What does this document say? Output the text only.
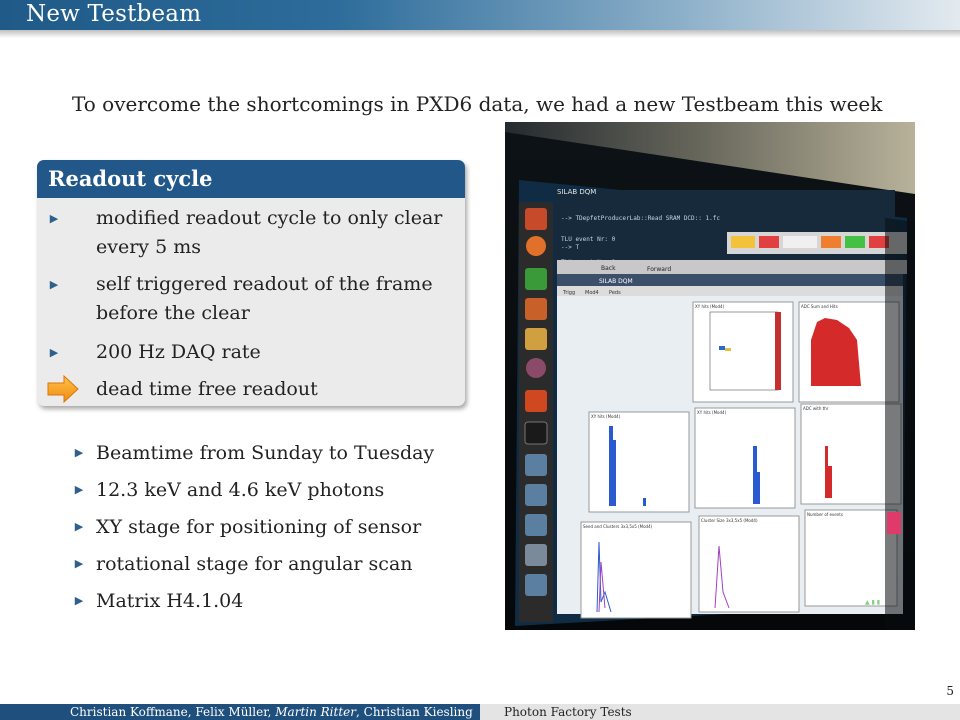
New Testbeam
To overcome the shortcomings in PXD6 data, we had a new Testbeam this week
Readout cycle
▶ modified readout cycle to only clear every 5 ms
▶ self triggered readout of the frame before the clear
▶ 200 Hz DAQ rate
dead time free readout
▶ Beamtime from Sunday to Tuesday
▶ 12.3 keV and 4.6 keV photons
▶ XY stage for positioning of sensor
▶ rotational stage for angular scan
▶ Matrix H4.1.04
--> TDepfetProducerLab::Read SRAM DCD:: 1.fc
TLU event Nr: 0
--> T
SILAB DQM
Back	Forward
SILAB DQM
Trigg Mod4 Peds
XY hits (Mod4)	ADC Sum and Hits
XY hits (Mod4)
XY hits (Mod4)
ADC with thr
Seed and Clusters 3x3,5x5 (Mod4)
Cluster Size 3x3,5x5 (Mod4)
Number of events
▲ ▮ ▮
5
Christian Koffmane, Felix Müller, Martin Ritter, Christian Kiesling	Photon Factory Tests
